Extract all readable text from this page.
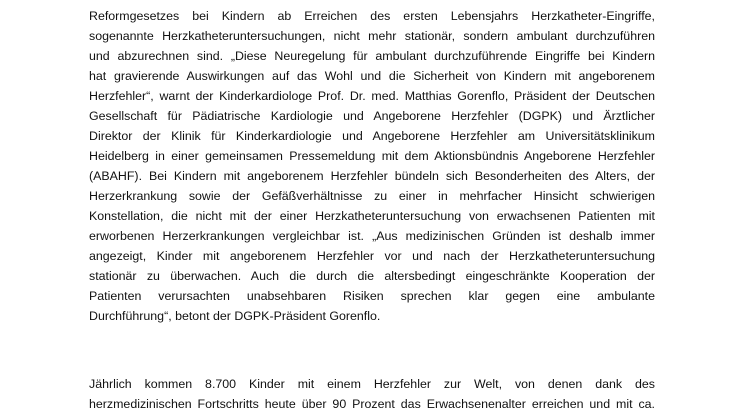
Reformgesetzes bei Kindern ab Erreichen des ersten Lebensjahrs Herzkatheter-Eingriffe,
sogenannte Herzkatheteruntersuchungen, nicht mehr stationär, sondern ambulant durchzuführen
und abzurechnen sind. „Diese Neuregelung für ambulant durchzuführende Eingriffe bei Kindern
hat gravierende Auswirkungen auf das Wohl und die Sicherheit von Kindern mit angeborenem
Herzfehler“, warnt der Kinderkardiologe Prof. Dr. med. Matthias Gorenflo, Präsident der Deutschen
Gesellschaft für Pädiatrische Kardiologie und Angeborene Herzfehler (DGPK) und Ärztlicher
Direktor der Klinik für Kinderkardiologie und Angeborene Herzfehler am Universitätsklinikum
Heidelberg in einer gemeinsamen Pressemeldung mit dem Aktionsbündnis Angeborene Herzfehler
(ABAHF). Bei Kindern mit angeborenem Herzfehler bündeln sich Besonderheiten des Alters, der
Herzerkrankung sowie der Gefäßverhältnisse zu einer in mehrfacher Hinsicht schwierigen
Konstellation, die nicht mit der einer Herzkatheteruntersuchung von erwachsenen Patienten mit
erworbenen Herzerkrankungen vergleichbar ist. „Aus medizinischen Gründen ist deshalb immer
angezeigt, Kinder mit angeborenem Herzfehler vor und nach der Herzkatheteruntersuchung
stationär zu überwachen. Auch die durch die altersbedingt eingeschränkte Kooperation der
Patienten verursachten unabsehbaren Risiken sprechen klar gegen eine ambulante
Durchführung“, betont der DGPK-Präsident Gorenflo.
Jährlich kommen 8.700 Kinder mit einem Herzfehler zur Welt, von denen dank des
herzmedizinischen Fortschritts heute über 90 Prozent das Erwachsenenalter erreichen und mit ca.
